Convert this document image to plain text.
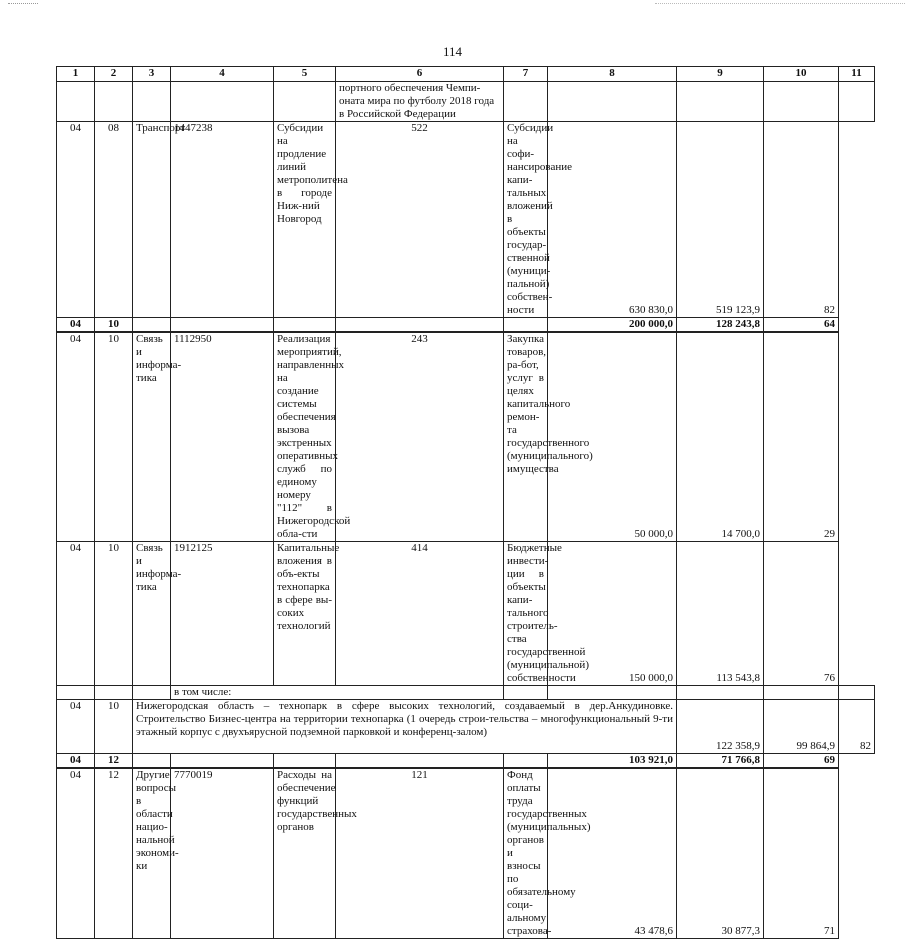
114
1	2	3	4	5	6	7	8	9	10	11
					портного обеспечения Чемпи-оната мира по футболу 2018 года в Российской Федерации					
04	08	Транспорт	1447238	Субсидии на продление линий метрополитена в городе Ниж-ний Новгород	522	Субсидии на софи-нансирование капи-тальных вложений в объекты государ-ственной (муници-пальной) собствен-ности	630 830,0	519 123,9	82	
04	10						200 000,0	128 243,8	64	
04	10	Связь и информа-тика	1112950	Реализация мероприятий, направленных на создание системы обеспечения вызова экстренных оперативных служб по единому номеру "112" в Нижегородской обла-сти	243	Закупка товаров, ра-бот, услуг в целях капитального ремон-та государственного (муниципального) имущества	50 000,0	14 700,0	29	
04	10	Связь и информа-тика	1912125	Капитальные вложения в объ-екты технопарка в сфере вы-соких технологий	414	Бюджетные инвести-ции в объекты капи-тального строитель-ства государственной (муниципальной) собственности	150 000,0	113 543,8	76	
			в том числе:							
04	10	Нижегородская область – технопарк в сфере высоких технологий, создаваемый в дер.Анкудиновке. Строительство Бизнес-центра на территории технопарка (1 очередь строи-тельства – многофункциональный 9-ти этажный корпус с двухъярусной подземной парковкой и конференц-залом)						122 358,9	99 864,9	82
04	12						103 921,0	71 766,8	69	
04	12	Другие вопросы в области нацио-нальной экономи-ки	7770019	Расходы на обеспечение функций государственных органов	121	Фонд оплаты труда государственных (муниципальных) органов и взносы по обязательному соци-альному страхова-	43 478,6	30 877,3	71	
